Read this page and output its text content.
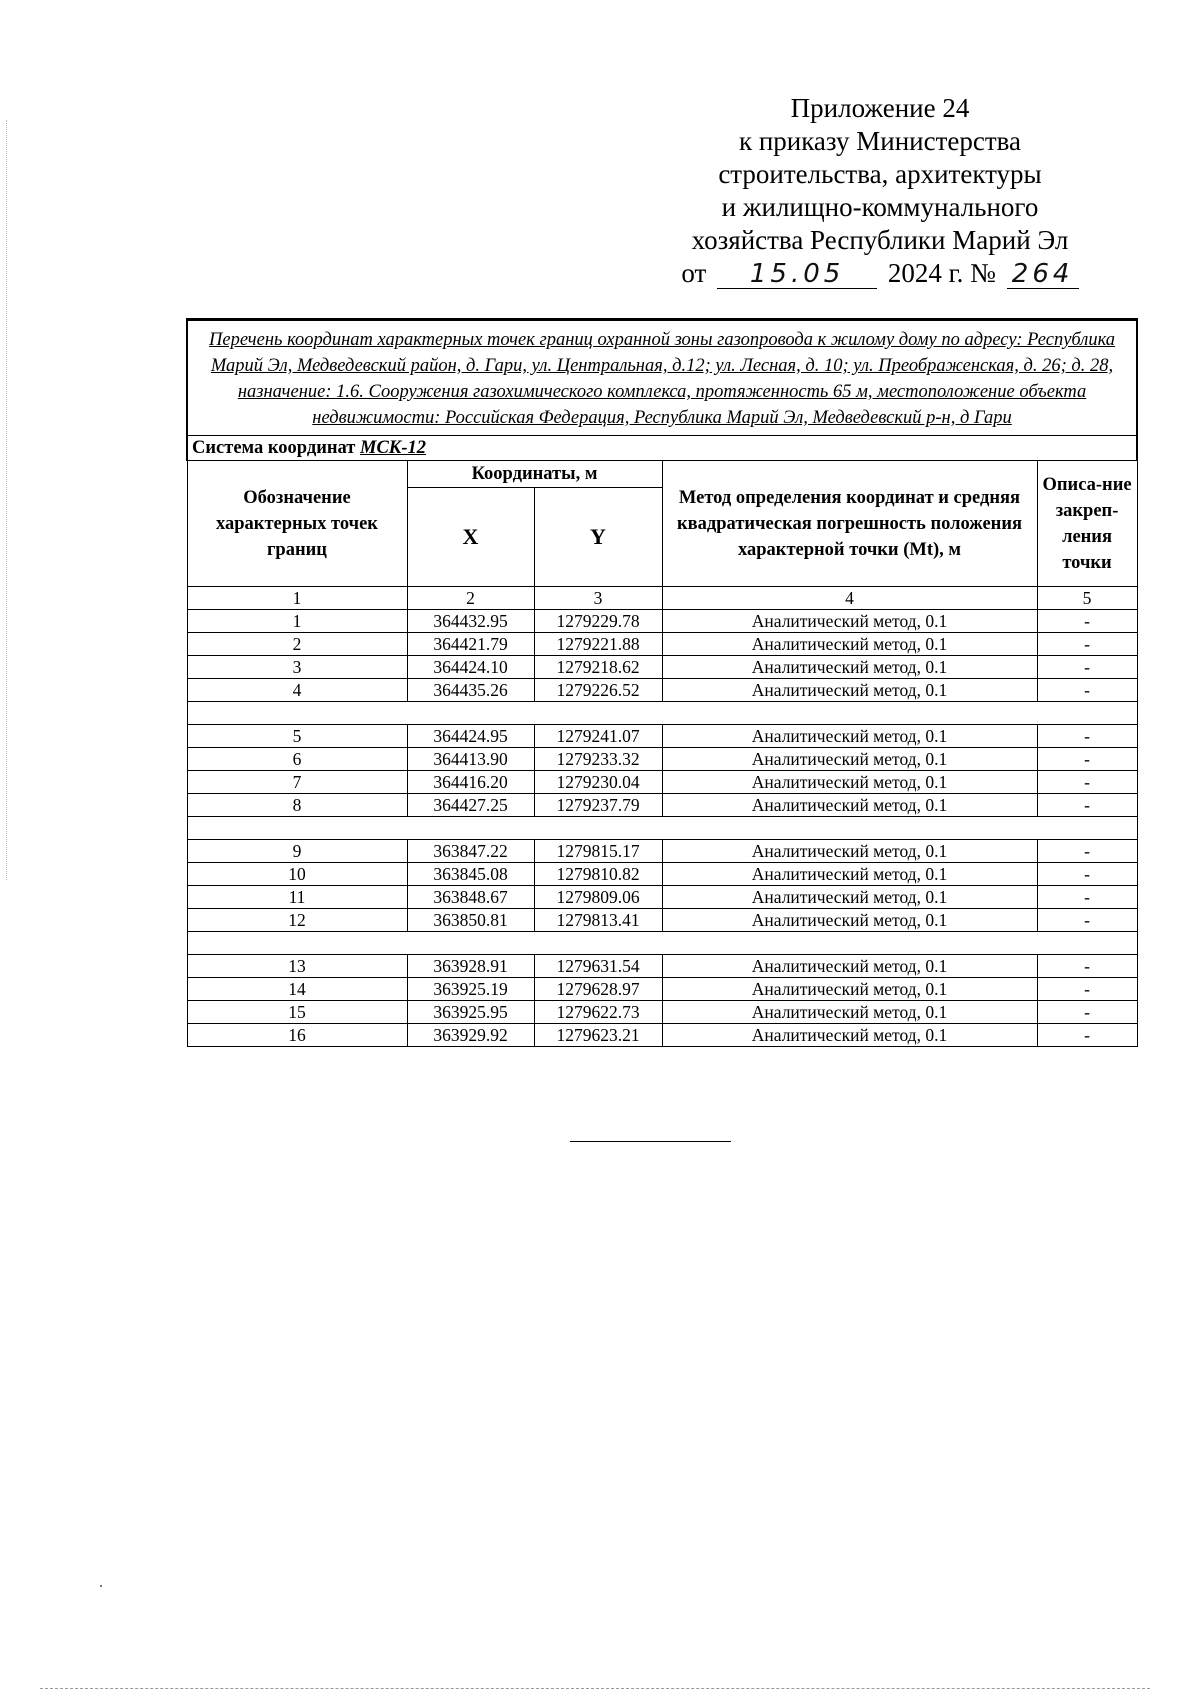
Приложение 24
к приказу Министерства
строительства, архитектуры
и жилищно-коммунального
хозяйства Республики Марий Эл
от 15.05 2024 г. № 264
Перечень координат характерных точек границ охранной зоны газопровода к жилому дому по адресу: Республика Марий Эл, Медведевский район, д. Гари, ул. Центральная, д.12; ул. Лесная, д. 10; ул. Преображенская, д. 26; д. 28, назначение: 1.6. Сооружения газохимического комплекса, протяженность 65 м, местоположение объекта недвижимости: Российская Федерация, Республика Марий Эл, Медведевский р-н, д Гари				
Система координат МСК-12				
Обозначение характерных точек границ	Координаты, м		Метод определения координат и средняя квадратическая погрешность положения характерной точки (Mt), м	Описа-ние закреп-ления точки
	X	Y		
1	2	3	4	5
1	364432.95	1279229.78	Аналитический метод, 0.1	-
2	364421.79	1279221.88	Аналитический метод, 0.1	-
3	364424.10	1279218.62	Аналитический метод, 0.1	-
4	364435.26	1279226.52	Аналитический метод, 0.1	-

5	364424.95	1279241.07	Аналитический метод, 0.1	-
6	364413.90	1279233.32	Аналитический метод, 0.1	-
7	364416.20	1279230.04	Аналитический метод, 0.1	-
8	364427.25	1279237.79	Аналитический метод, 0.1	-

9	363847.22	1279815.17	Аналитический метод, 0.1	-
10	363845.08	1279810.82	Аналитический метод, 0.1	-
11	363848.67	1279809.06	Аналитический метод, 0.1	-
12	363850.81	1279813.41	Аналитический метод, 0.1	-

13	363928.91	1279631.54	Аналитический метод, 0.1	-
14	363925.19	1279628.97	Аналитический метод, 0.1	-
15	363925.95	1279622.73	Аналитический метод, 0.1	-
16	363929.92	1279623.21	Аналитический метод, 0.1	-
